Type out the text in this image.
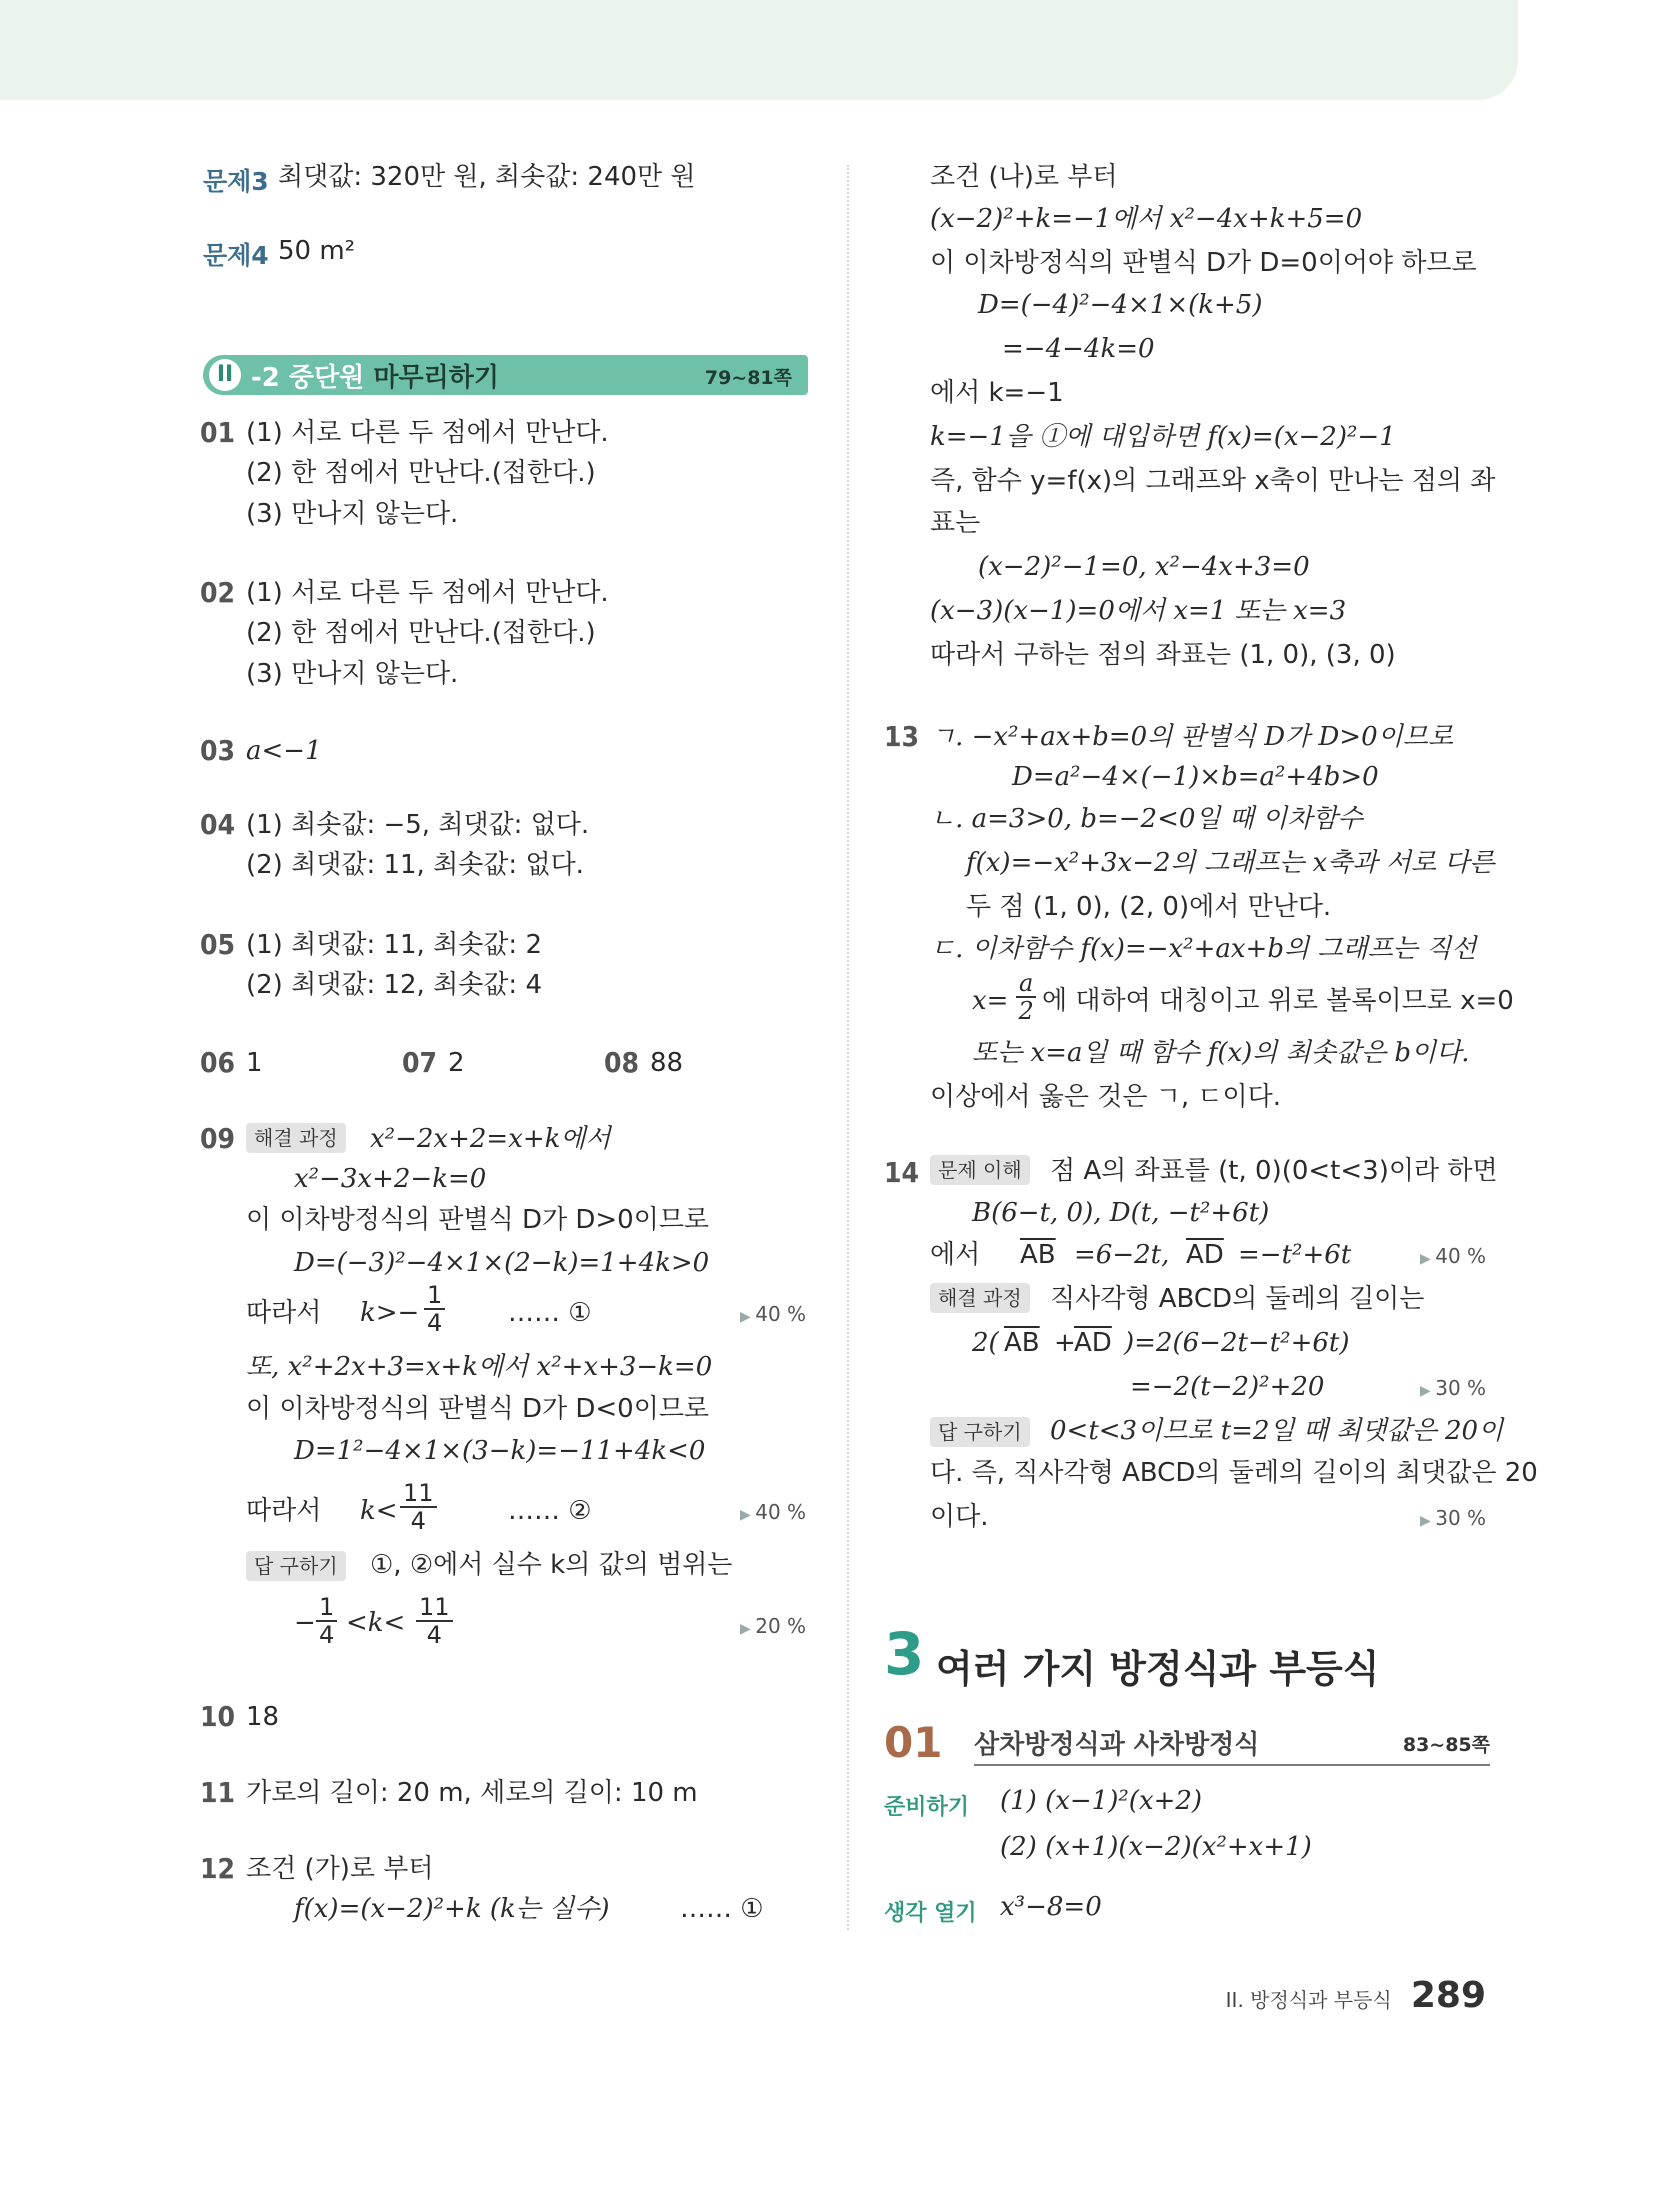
문제3 최댓값: 320만 원, 최솟값: 240만 원
문제4 50 m²
II -2 중단원 마무리하기	79~81쪽
01 (1) 서로 다른 두 점에서 만난다.
(2) 한 점에서 만난다.(접한다.)
(3) 만나지 않는다.
02 (1) 서로 다른 두 점에서 만난다.
(2) 한 점에서 만난다.(접한다.)
(3) 만나지 않는다.
03 a<−1
04 (1) 최솟값: −5, 최댓값: 없다.
(2) 최댓값: 11, 최솟값: 없다.
05 (1) 최댓값: 11, 최솟값: 2
(2) 최댓값: 12, 최솟값: 4
06 1	07 2	08 88
09 해결 과정	x²−2x+2=x+k에서
x²−3x+2−k=0
이 이차방정식의 판별식 D가 D>0이므로
D=(−3)²−4×1×(2−k)=1+4k>0
따라서 $k>- \frac{1}{4}$ …… ①	▶ 40 %
또, x²+2x+3=x+k에서 x²+x+3−k=0
이 이차방정식의 판별식 D가 D<0이므로
D=1²−4×1×(3−k)=−11+4k<0
따라서 $k< \frac{11}{4}$	…… ②	▶ 40 %
답 구하기	①, ②에서 실수 k의 값의 범위는
− $\frac{1}{4} <k< \frac{11}{4}$	▶ 20 %
10 18
11 가로의 길이: 20 m, 세로의 길이: 10 m
12 조건 (가)로 부터
f(x)=(x−2)²+k (k는 실수)	…… ①
조건 (나)로 부터
(x−2)²+k=−1에서 x²−4x+k+5=0
이 이차방정식의 판별식 D가 D=0이어야 하므로
D=(−4)²−4×1×(k+5)
=−4−4k=0
에서 k=−1
k=−1을 ①에 대입하면 f(x)=(x−2)²−1
즉, 함수 y=f(x)의 그래프와 x축이 만나는 점의 좌
표는
(x−2)²−1=0, x²−4x+3=0
(x−3)(x−1)=0에서 x=1 또는 x=3
따라서 구하는 점의 좌표는 (1, 0), (3, 0)
13 ㄱ. −x²+ax+b=0의 판별식 D가 D>0이므로
D=a²−4×(−1)×b=a²+4b>0
ㄴ. a=3>0, b=−2<0일 때 이차함수
f(x)=−x²+3x−2의 그래프는 x축과 서로 다른
두 점 (1, 0), (2, 0)에서 만난다.
ㄷ. 이차함수 f(x)=−x²+ax+b의 그래프는 직선
$x= \frac{a}{2}$ 에 대하여 대칭이고 위로 볼록이므로 x=0
또는 x=a일 때 함수 f(x)의 최솟값은 b이다.
이상에서 옳은 것은 ㄱ, ㄷ이다.
14 문제 이해	점 A의 좌표를 (t, 0)(0<t<3)이라 하면
B(6−t, 0), D(t, −t²+6t)
에서 $\overline{AB} =6-2t$, $\overline{AD} =-t^2+6t$	▶ 40 %
해결 과정	직사각형 ABCD의 둘레의 길이는
2( $\overline{AB}$ +
$\overline{AD}$ )=2(6−2t−t²+6t)
=−2(t−2)²+20	▶ 30 %
답 구하기	0<t<3이므로 t=2일 때 최댓값은 20이
다. 즉, 직사각형 ABCD의 둘레의 길이의 최댓값은 20
이다.	▶ 30 %
3 여러 가지 방정식과 부등식
01 삼차방정식과 사차방정식	83~85쪽
준비하기 (1) (x−1)²(x+2)
(2) (x+1)(x−2)(x²+x+1)
생각 열기 x³−8=0
II. 방정식과 부등식 289
